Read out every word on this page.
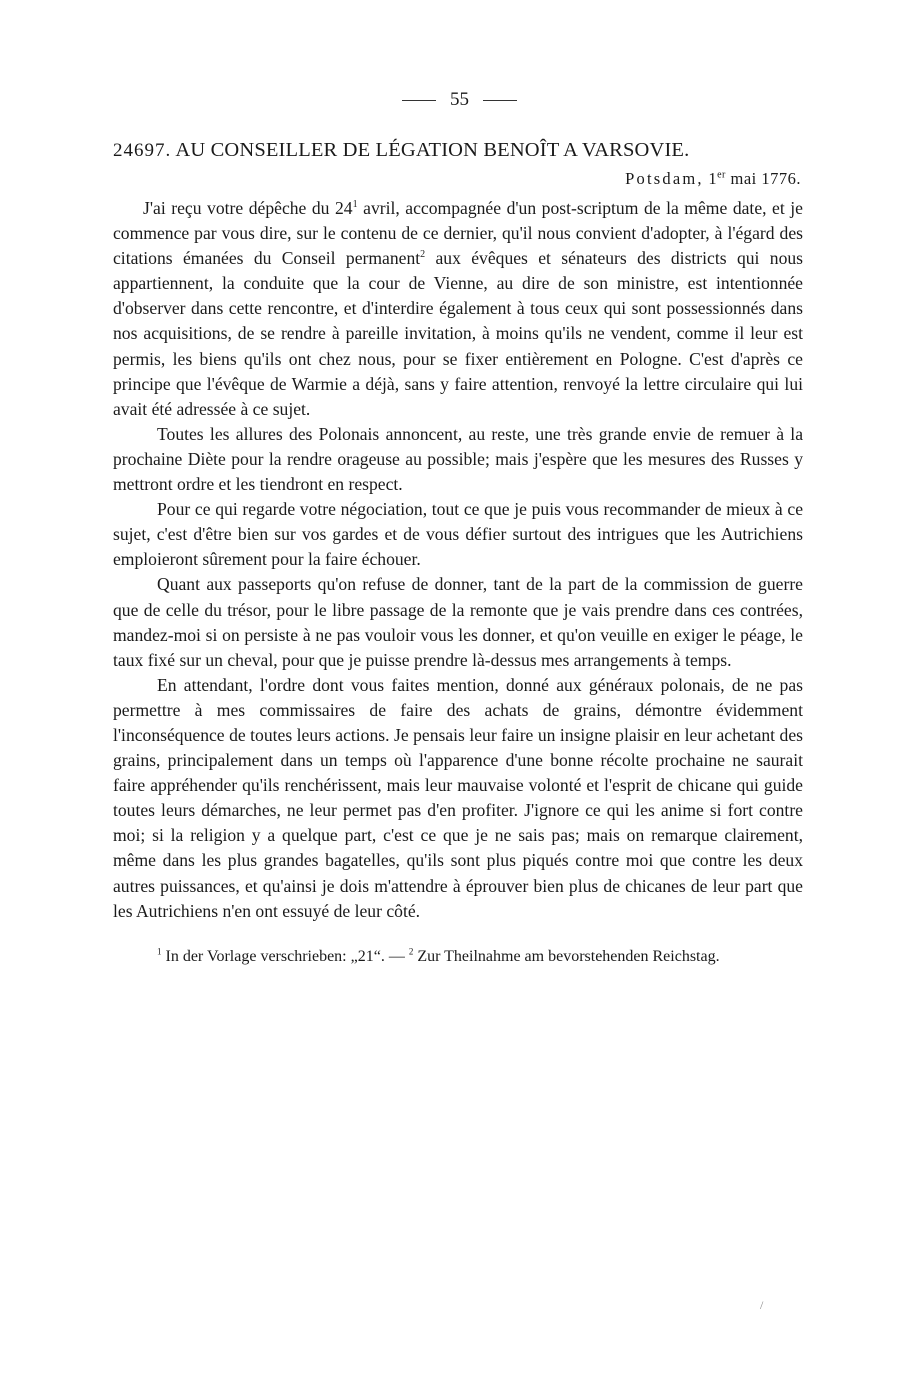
55
24697. AU CONSEILLER DE LÉGATION BENOÎT A VARSOVIE.
Potsdam, 1er mai 1776.

J'ai reçu votre dépêche du $24^1$ avril, accompagnée d'un post-scriptum de la même date, et je commence par vous dire, sur le contenu de ce dernier, qu'il nous convient d'adopter, à l'égard des citations émanées du Conseil permanent$^2$ aux évêques et sénateurs des districts qui nous appartiennent, la conduite que la cour de Vienne, au dire de son ministre, est intentionnée d'observer dans cette rencontre, et d'interdire également à tous ceux qui sont possessionnés dans nos acquisitions, de se rendre à pareille invitation, à moins qu'ils ne vendent, comme il leur est permis, les biens qu'ils ont chez nous, pour se fixer entièrement en Pologne. C'est d'après ce principe que l'évêque de Warmie a déjà, sans y faire attention, renvoyé la lettre circulaire qui lui avait été adressée à ce sujet.

Toutes les allures des Polonais annoncent, au reste, une très grande envie de remuer à la prochaine Diète pour la rendre orageuse au possible; mais j'espère que les mesures des Russes y mettront ordre et les tiendront en respect.

Pour ce qui regarde votre négociation, tout ce que je puis vous recommander de mieux à ce sujet, c'est d'être bien sur vos gardes et de vous défier surtout des intrigues que les Autrichiens emploieront sûrement pour la faire échouer.

Quant aux passeports qu'on refuse de donner, tant de la part de la commission de guerre que de celle du trésor, pour le libre passage de la remonte que je vais prendre dans ces contrées, mandez-moi si on persiste à ne pas vouloir vous les donner, et qu'on veuille en exiger le péage, le taux fixé sur un cheval, pour que je puisse prendre là-dessus mes arrangements à temps.

En attendant, l'ordre dont vous faites mention, donné aux généraux polonais, de ne pas permettre à mes commissaires de faire des achats de grains, démontre évidemment l'inconséquence de toutes leurs actions. Je pensais leur faire un insigne plaisir en leur achetant des grains, principalement dans un temps où l'apparence d'une bonne récolte prochaine ne saurait faire appréhender qu'ils renchérissent, mais leur mauvaise volonté et l'esprit de chicane qui guide toutes leurs démarches, ne leur permet pas d'en profiter. J'ignore ce qui les anime si fort contre moi; si la religion y a quelque part, c'est ce que je ne sais pas; mais on remarque clairement, même dans les plus grandes bagatelles, qu'ils sont plus piqués contre moi que contre les deux autres puissances, et qu'ainsi je dois m'attendre à éprouver bien plus de chicanes de leur part que les Autrichiens n'en ont essuyé de leur côté.

$^1$ In der Vorlage verschrieben: „21“. — $^2$ Zur Theilnahme am bevorstehenden Reichstag.

/
